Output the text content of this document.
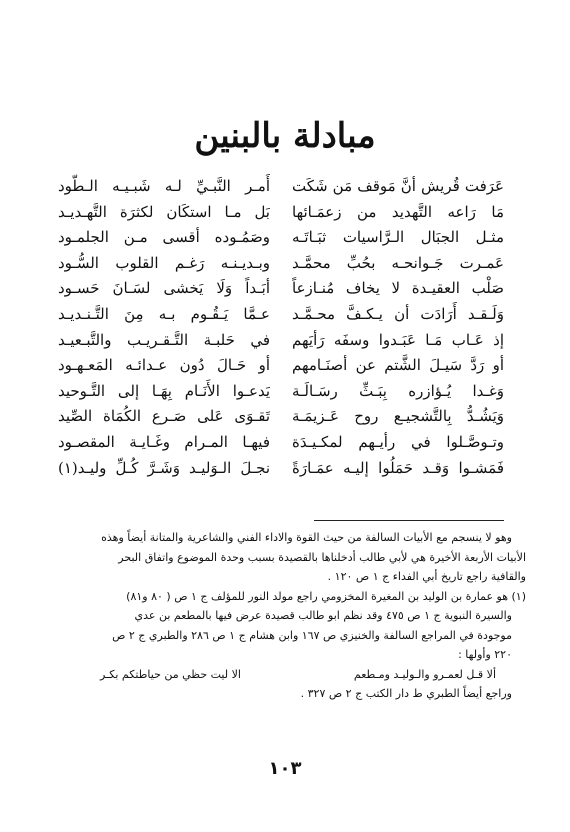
مبادلة بالبنين
عَرَفت قُريش أنَّ مَوقف مَن شَكَت
مَا رَاعه التَّهديد من زعمَـائها
مثـل الجبَال الـرَّاسيات ثبَـاتَـه
عَمـرت جَـوانحـه بحُبِّ محمَّـد
صَلْب العقيـدة لا يخاف مُنـازعاً
وَلَـقـد أَرَادَت أن يـكـفَّ محـمَّـد
إذ عَـاب مَـا عَبَـدوا وسفَه رَأيَهم
أو رَدَّ سَيـلَ الشَّتم عن أصنَـامهم
وَغـدا يُـؤازره بِبَـثِّ رسَـالَـة
وَيَشُـدُّ بِالتَّشجيـع روح عَـزيمَـة
وتـوصَّـلوا في رأيـهم لمكـيـدَة
فَمَشـوا وَقـد حَمَلُوا إليـه عمَـارَةً
أَمـر النَّبـيِّ لـه شَبـيـه الـطَّود
بَل مـا استكَان لكثرَة التَّهـديـد
وصَمُـوده أقسى مـن الجلمـود
وبـديـنـه رَغـم القلوب السُّـود
أبَـداً وَلَا يَخشى لسَـانَ حَسـود
عـمَّا يَـقُـوم بـه مِنَ التَّـنـديـد
في حَلبـة التَّـقـريـب والتَّبـعيـد
أو حَـالَ دُون عـدائـه المَعـهـود
يَدعـوا الأَنَـام بِهَـا إلى التَّـوحيد
تَقـوَى عَلى صَـرع الكُمَاة الصِّيد
فيهـا المـرام وغَـايـة المقصـود
نجـلَ الـوَليـد وَشَـرَّ كُـلِّ وليـد(١)
وهو لا ينسجم مع الأبيات السالفة من حيث القوة والاداء الفني والشاعرية والمتانة أيضاً وهذه
الأبيات الأربعة الأخيرة هي لأبي طالب أدخلناها بالقصيدة بسبب وحدة الموضوع واتفاق البحر
والقافية راجع تاريخ أبي الفداء ج ١ ص ١٢٠ .
(١) هو عمارة بن الوليد بن المغيرة المخزومي راجع مولد النور للمؤلف ج ١ ص ( ٨٠ و٨١)
والسيرة النبوية ج ١ ص ٤٧٥ وقد نظم ابو طالب قصيدة عرض فيها بالمطعم بن عدي
موجودة في المراجع السالفة والخنيزي ص ١٦٧ وابن هشام ج ١ ص ٢٨٦ والطبري ج ٢ ص
٢٢٠ وأولها :
ألا قـل لعمـرو والـوليـد ومـطعم
الا ليت حظي من حياطتكم بكـر
وراجع أيضاً الطبري ط دار الكتب ج ٢ ص ٣٢٧ .
١٠٣
